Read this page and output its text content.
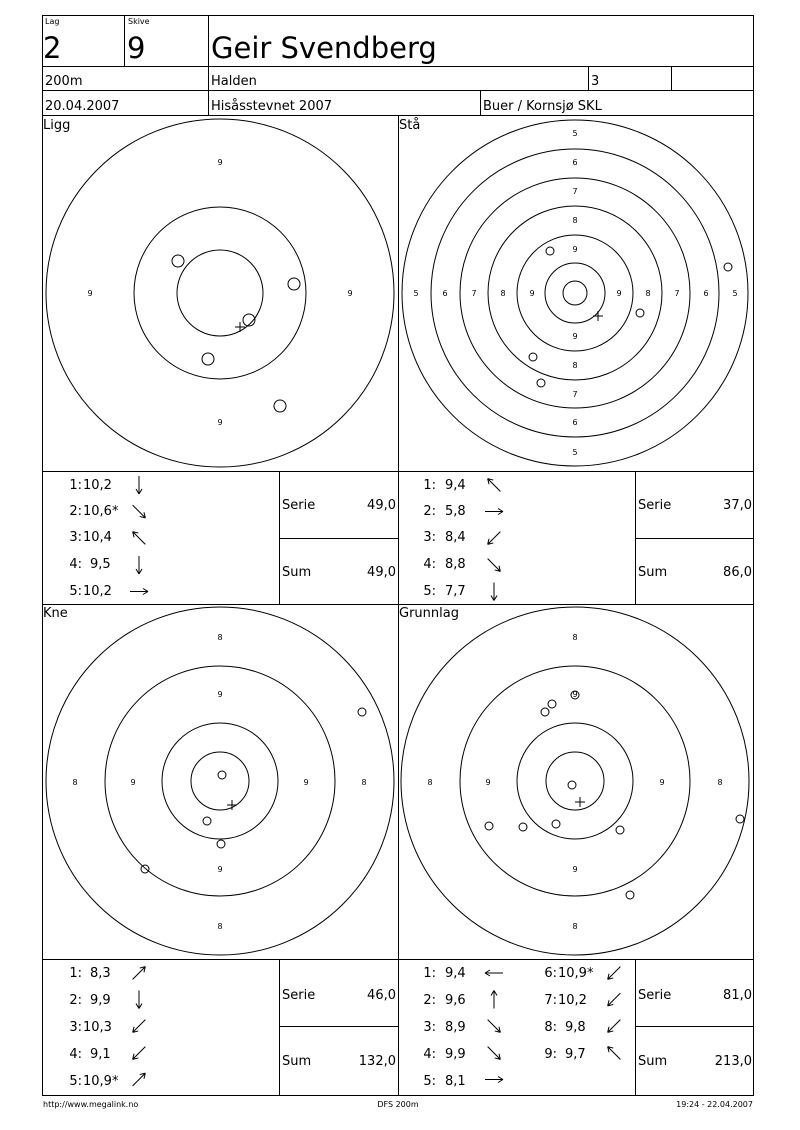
Lag
2
Skive
9 Geir Svendberg
200m	Halden	3
20.04.2007	Hisåsstevnet 2007	Buer / Kornsjø SKL
Ligg
9
9
9	9
Stå
5
6
7
8
9
9
8
7
6
5
5	6	7	8	9	9	8	7	6	5
Kne
8
9
9
8
8	9	9	8
Grunnlag
8
9
9
8
8	9	9	8
1: 10,2
2: 10,6*
3: 10,4
4: 9,5
5: 10,2
Serie	49,0
Sum	49,0
1: 9,4
2: 5,8
3: 8,4
4: 8,8
5: 7,7
Serie	37,0
Sum	86,0
1: 8,3
2: 9,9
3: 10,3
4: 9,1
5: 10,9*
Serie	46,0
Sum	132,0
1: 9,4
2: 9,6
3: 8,9
4: 9,9
5: 8,1
6: 10,9*
7: 10,2
8: 9,8
9: 9,7
Serie	81,0
Sum	213,0
http://www.megalink.no	DFS 200m	19:24 - 22.04.2007
